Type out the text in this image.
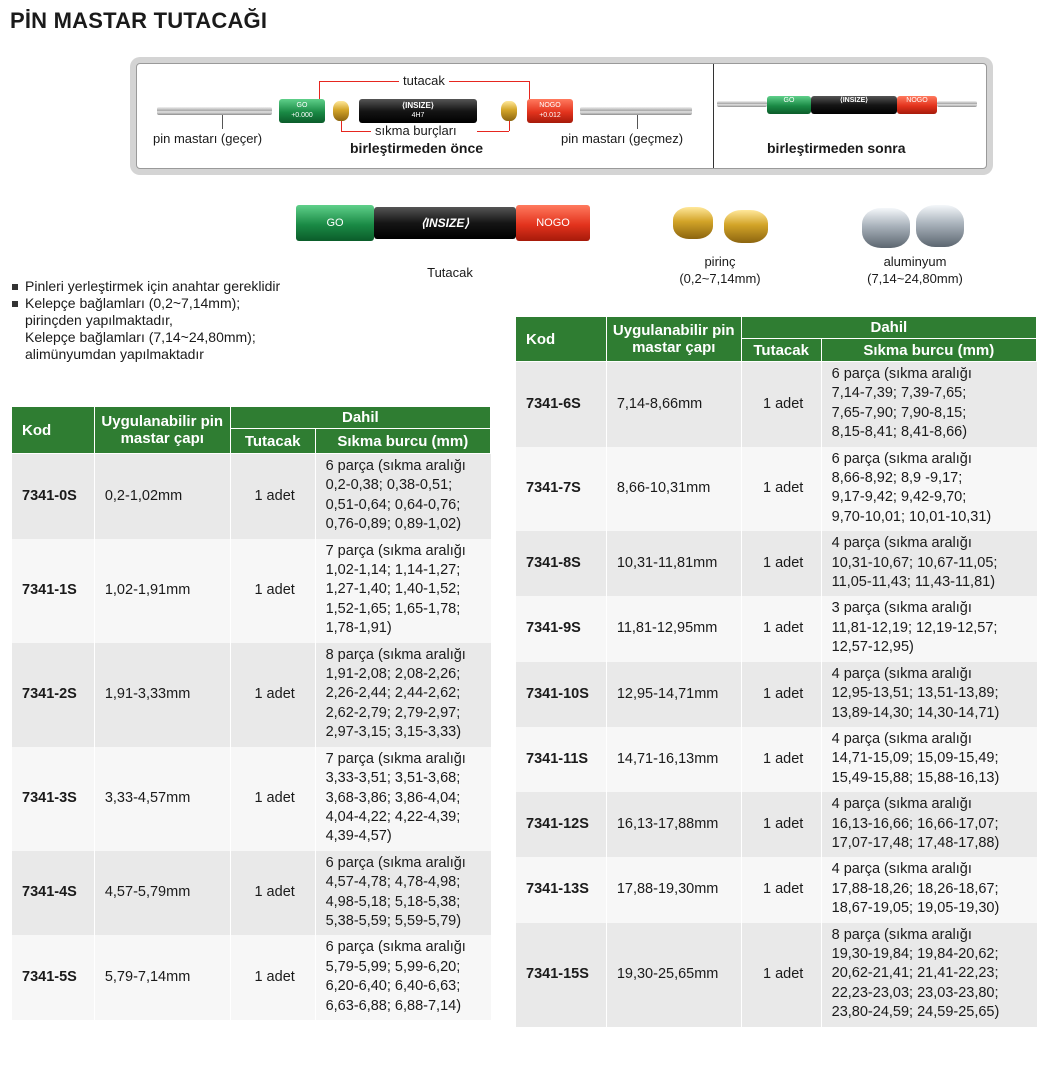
PİN MASTAR TUTACAĞI
GO
+0.000
⟨INSIZE⟩
4H7
NOGO
+0.012
tutacak
pin mastarı (geçer)
sıkma burçları
pin mastarı (geçmez)
birleştirmeden önce
GO	⟨INSIZE⟩	NOGO
birleştirmeden sonra
GO	⟨INSIZE⟩	NOGO
Tutacak
pirinç
(0,2~7,14mm)
aluminyum
(7,14~24,80mm)
Pinleri yerleştirmek için anahtar gereklidir
Kelepçe bağlamları (0,2~7,14mm);
pirinçden yapılmaktadır,
Kelepçe bağlamları (7,14~24,80mm);
alimünyumdan yapılmaktadır
Kod	Uygulanabilir pin mastar çapı	Dahil	
		Tutacak	Sıkma burcu (mm)
7341-0S	0,2-1,02mm	1 adet	6 parça (sıkma aralığı
0,2-0,38; 0,38-0,51;
0,51-0,64; 0,64-0,76;
0,76-0,89; 0,89-1,02)
7341-1S	1,02-1,91mm	1 adet	7 parça (sıkma aralığı
1,02-1,14; 1,14-1,27;
1,27-1,40; 1,40-1,52;
1,52-1,65; 1,65-1,78;
1,78-1,91)
7341-2S	1,91-3,33mm	1 adet	8 parça (sıkma aralığı
1,91-2,08; 2,08-2,26;
2,26-2,44; 2,44-2,62;
2,62-2,79; 2,79-2,97;
2,97-3,15; 3,15-3,33)
7341-3S	3,33-4,57mm	1 adet	7 parça (sıkma aralığı
3,33-3,51; 3,51-3,68;
3,68-3,86; 3,86-4,04;
4,04-4,22; 4,22-4,39;
4,39-4,57)
7341-4S	4,57-5,79mm	1 adet	6 parça (sıkma aralığı
4,57-4,78; 4,78-4,98;
4,98-5,18; 5,18-5,38;
5,38-5,59; 5,59-5,79)
7341-5S	5,79-7,14mm	1 adet	6 parça (sıkma aralığı
5,79-5,99; 5,99-6,20;
6,20-6,40; 6,40-6,63;
6,63-6,88; 6,88-7,14)
Kod	Uygulanabilir pin mastar çapı	Dahil	
		Tutacak	Sıkma burcu (mm)
7341-6S	7,14-8,66mm	1 adet	6 parça (sıkma aralığı
7,14-7,39; 7,39-7,65;
7,65-7,90; 7,90-8,15;
8,15-8,41; 8,41-8,66)
7341-7S	8,66-10,31mm	1 adet	6 parça (sıkma aralığı
8,66-8,92; 8,9 -9,17;
9,17-9,42; 9,42-9,70;
9,70-10,01; 10,01-10,31)
7341-8S	10,31-11,81mm	1 adet	4 parça (sıkma aralığı
10,31-10,67; 10,67-11,05;
11,05-11,43; 11,43-11,81)
7341-9S	11,81-12,95mm	1 adet	3 parça (sıkma aralığı
11,81-12,19; 12,19-12,57;
12,57-12,95)
7341-10S	12,95-14,71mm	1 adet	4 parça (sıkma aralığı
12,95-13,51; 13,51-13,89;
13,89-14,30; 14,30-14,71)
7341-11S	14,71-16,13mm	1 adet	4 parça (sıkma aralığı
14,71-15,09; 15,09-15,49;
15,49-15,88; 15,88-16,13)
7341-12S	16,13-17,88mm	1 adet	4 parça (sıkma aralığı
16,13-16,66; 16,66-17,07;
17,07-17,48; 17,48-17,88)
7341-13S	17,88-19,30mm	1 adet	4 parça (sıkma aralığı
17,88-18,26; 18,26-18,67;
18,67-19,05; 19,05-19,30)
7341-15S	19,30-25,65mm	1 adet	8 parça (sıkma aralığı
19,30-19,84; 19,84-20,62;
20,62-21,41; 21,41-22,23;
22,23-23,03; 23,03-23,80;
23,80-24,59; 24,59-25,65)
